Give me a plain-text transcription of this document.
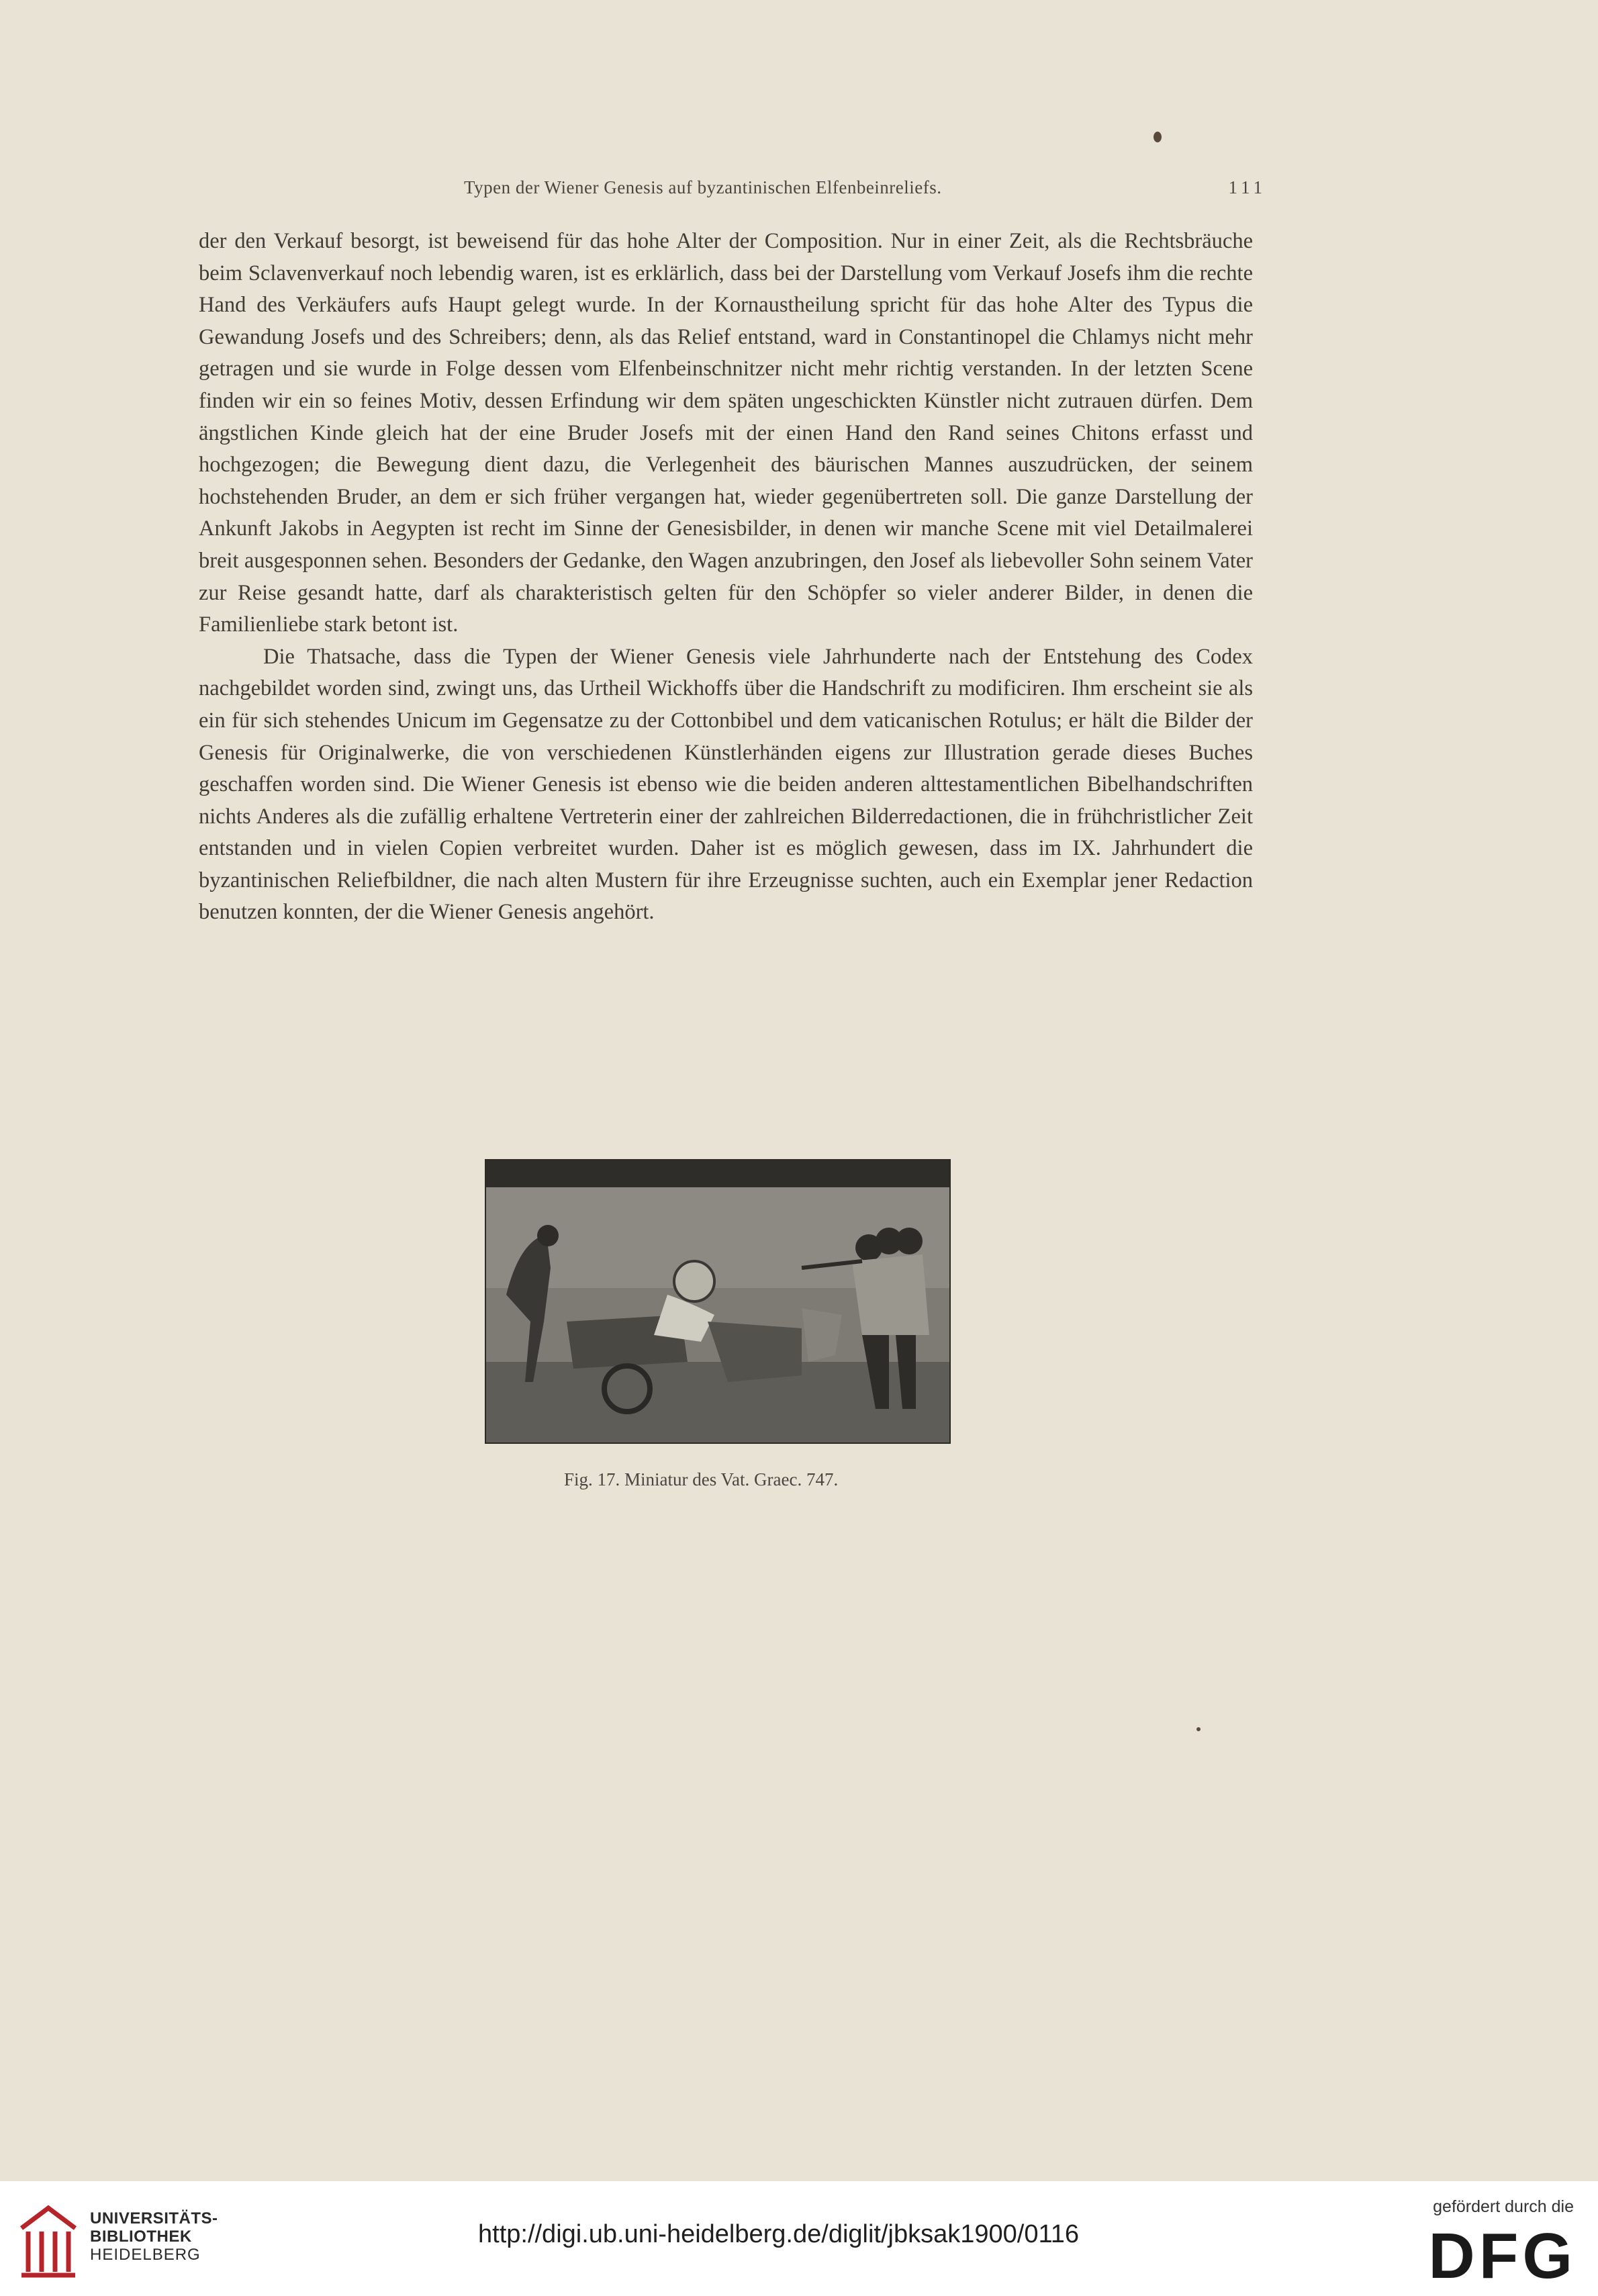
Typen der Wiener Genesis auf byzantinischen Elfenbeinreliefs.	111

der den Verkauf besorgt, ist beweisend für das hohe Alter der Composition. Nur in einer Zeit, als die Rechtsbräuche beim Sclavenverkauf noch lebendig waren, ist es erklärlich, dass bei der Darstellung vom Verkauf Josefs ihm die rechte Hand des Verkäufers aufs Haupt gelegt wurde. In der Kornaustheilung spricht für das hohe Alter des Typus die Gewandung Josefs und des Schreibers; denn, als das Relief entstand, ward in Constantinopel die Chlamys nicht mehr getragen und sie wurde in Folge dessen vom Elfenbeinschnitzer nicht mehr richtig verstanden. In der letzten Scene finden wir ein so feines Motiv, dessen Erfindung wir dem späten ungeschickten Künstler nicht zutrauen dürfen. Dem ängstlichen Kinde gleich hat der eine Bruder Josefs mit der einen Hand den Rand seines Chitons erfasst und hochgezogen; die Bewegung dient dazu, die Verlegenheit des bäurischen Mannes auszudrücken, der seinem hochstehenden Bruder, an dem er sich früher vergangen hat, wieder gegenübertreten soll. Die ganze Darstellung der Ankunft Jakobs in Aegypten ist recht im Sinne der Genesisbilder, in denen wir manche Scene mit viel Detailmalerei breit ausgesponnen sehen. Besonders der Gedanke, den Wagen anzubringen, den Josef als liebevoller Sohn seinem Vater zur Reise gesandt hatte, darf als charakteristisch gelten für den Schöpfer so vieler anderer Bilder, in denen die Familienliebe stark betont ist.

Die Thatsache, dass die Typen der Wiener Genesis viele Jahrhunderte nach der Entstehung des Codex nachgebildet worden sind, zwingt uns, das Urtheil Wickhoffs über die Handschrift zu modificiren. Ihm erscheint sie als ein für sich stehendes Unicum im Gegensatze zu der Cottonbibel und dem vaticanischen Rotulus; er hält die Bilder der Genesis für Originalwerke, die von verschiedenen Künstlerhänden eigens zur Illustration gerade dieses Buches geschaffen worden sind. Die Wiener Genesis ist ebenso wie die beiden anderen alttestamentlichen Bibelhandschriften nichts Anderes als die zufällig erhaltene Vertreterin einer der zahlreichen Bilderredactionen, die in frühchristlicher Zeit entstanden und in vielen Copien verbreitet wurden. Daher ist es möglich gewesen, dass im IX. Jahrhundert die byzantinischen Reliefbildner, die nach alten Mustern für ihre Erzeugnisse suchten, auch ein Exemplar jener Redaction benutzen konnten, der die Wiener Genesis angehört.

Fig. 17. Miniatur des Vat. Graec. 747.
UNIVERSITÄTS-
BIBLIOTHEK
HEIDELBERG
http://digi.ub.uni-heidelberg.de/diglit/jbksak1900/0116
gefördert durch die
DFG
